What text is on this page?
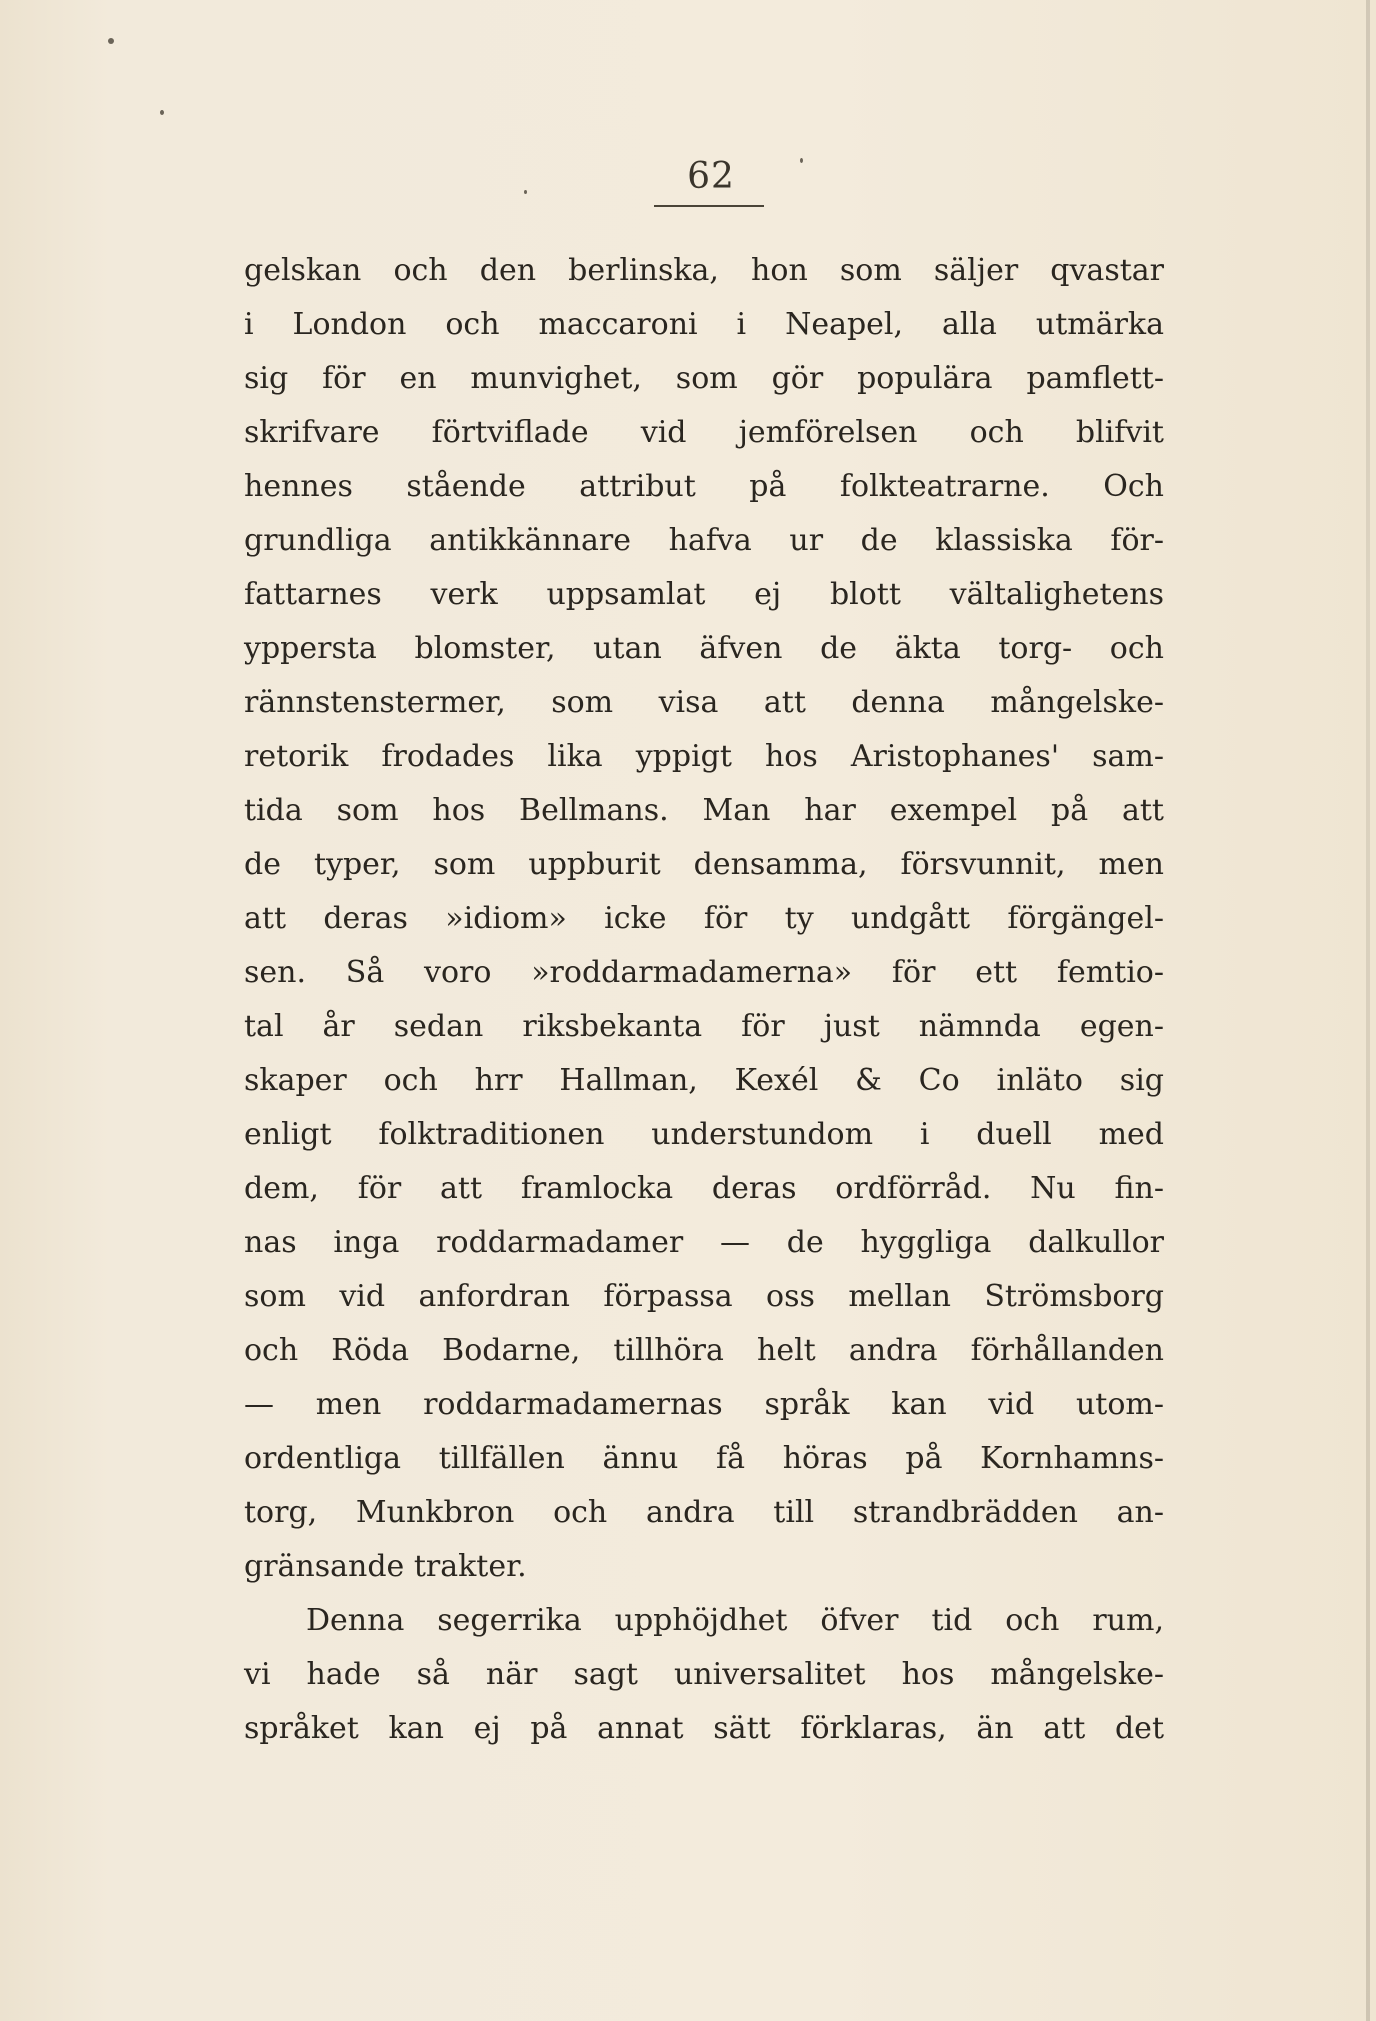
62
gelskan och den berlinska, hon som säljer qvastar
i London och maccaroni i Neapel, alla utmärka
sig för en munvighet, som gör populära pamflett-
skrifvare förtviflade vid jemförelsen och blifvit
hennes stående attribut på folkteatrarne. Och
grundliga antikkännare hafva ur de klassiska för-
fattarnes verk uppsamlat ej blott vältalighetens
yppersta blomster, utan äfven de äkta torg- och
rännstenstermer, som visa att denna mångelske-
retorik frodades lika yppigt hos Aristophanes' sam-
tida som hos Bellmans. Man har exempel på att
de typer, som uppburit densamma, försvunnit, men
att deras »idiom» icke för ty undgått förgängel-
sen. Så voro »roddarmadamerna» för ett femtio-
tal år sedan riksbekanta för just nämnda egen-
skaper och hrr Hallman, Kexél & Co inläto sig
enligt folktraditionen understundom i duell med
dem, för att framlocka deras ordförråd. Nu fin-
nas inga roddarmadamer — de hyggliga dalkullor
som vid anfordran förpassa oss mellan Strömsborg
och Röda Bodarne, tillhöra helt andra förhållanden
— men roddarmadamernas språk kan vid utom-
ordentliga tillfällen ännu få höras på Kornhamns-
torg, Munkbron och andra till strandbrädden an-
gränsande trakter.
Denna segerrika upphöjdhet öfver tid och rum,
vi hade så när sagt universalitet hos mångelske-
språket kan ej på annat sätt förklaras, än att det
